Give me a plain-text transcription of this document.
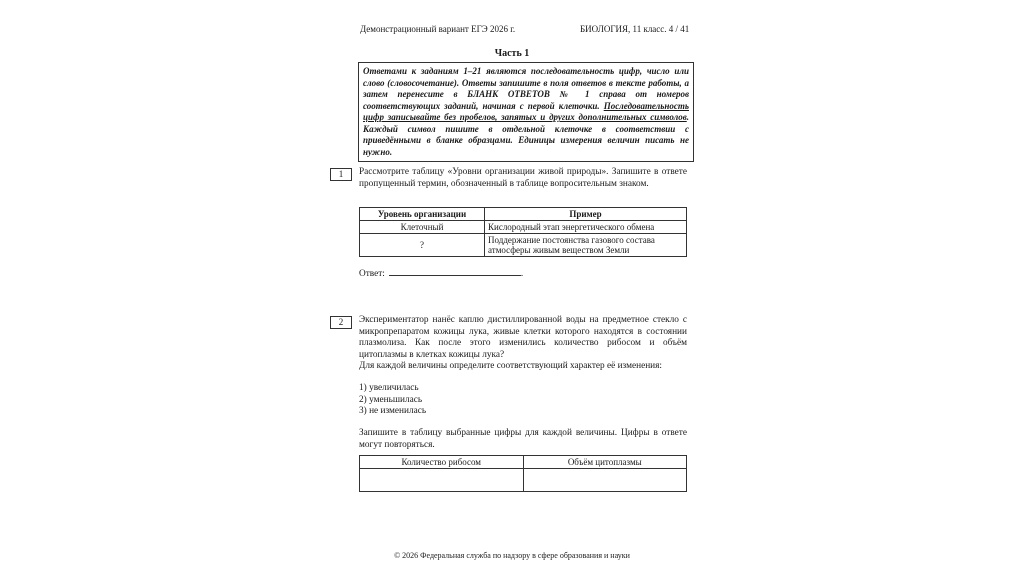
Демонстрационный вариант ЕГЭ 2026 г.	БИОЛОГИЯ, 11 класс. 4 / 41
Часть 1
Ответами к заданиям 1–21 являются последовательность цифр, число или слово (словосочетание). Ответы запишите в поля ответов в тексте работы, а затем перенесите в БЛАНК ОТВЕТОВ № 1 справа от номеров соответствующих заданий, начиная с первой клеточки. Последовательность цифр записывайте без пробелов, запятых и других дополнительных символов. Каждый символ пишите в отдельной клеточке в соответствии с приведёнными в бланке образцами. Единицы измерения величин писать не нужно.
1	Рассмотрите таблицу «Уровни организации живой природы». Запишите в ответе пропущенный термин, обозначенный в таблице вопросительным знаком.

Уровень организации	Пример
Клеточный	Кислородный этап энергетического обмена
?	Поддержание постоянства газового состава атмосферы живым веществом Земли
Ответ:	.
2	Экспериментатор нанёс каплю дистиллированной воды на предметное стекло с микропрепаратом кожицы лука, живые клетки которого находятся в состоянии плазмолиза. Как после этого изменились количество рибосом и объём цитоплазмы в клетках кожицы лука?

Для каждой величины определите соответствующий характер её изменения:

1) увеличилась
2) уменьшилась
3) не изменилась

Запишите в таблицу выбранные цифры для каждой величины. Цифры в ответе могут повторяться.

Количество рибосом	Объём цитоплазмы

© 2026 Федеральная служба по надзору в сфере образования и науки
